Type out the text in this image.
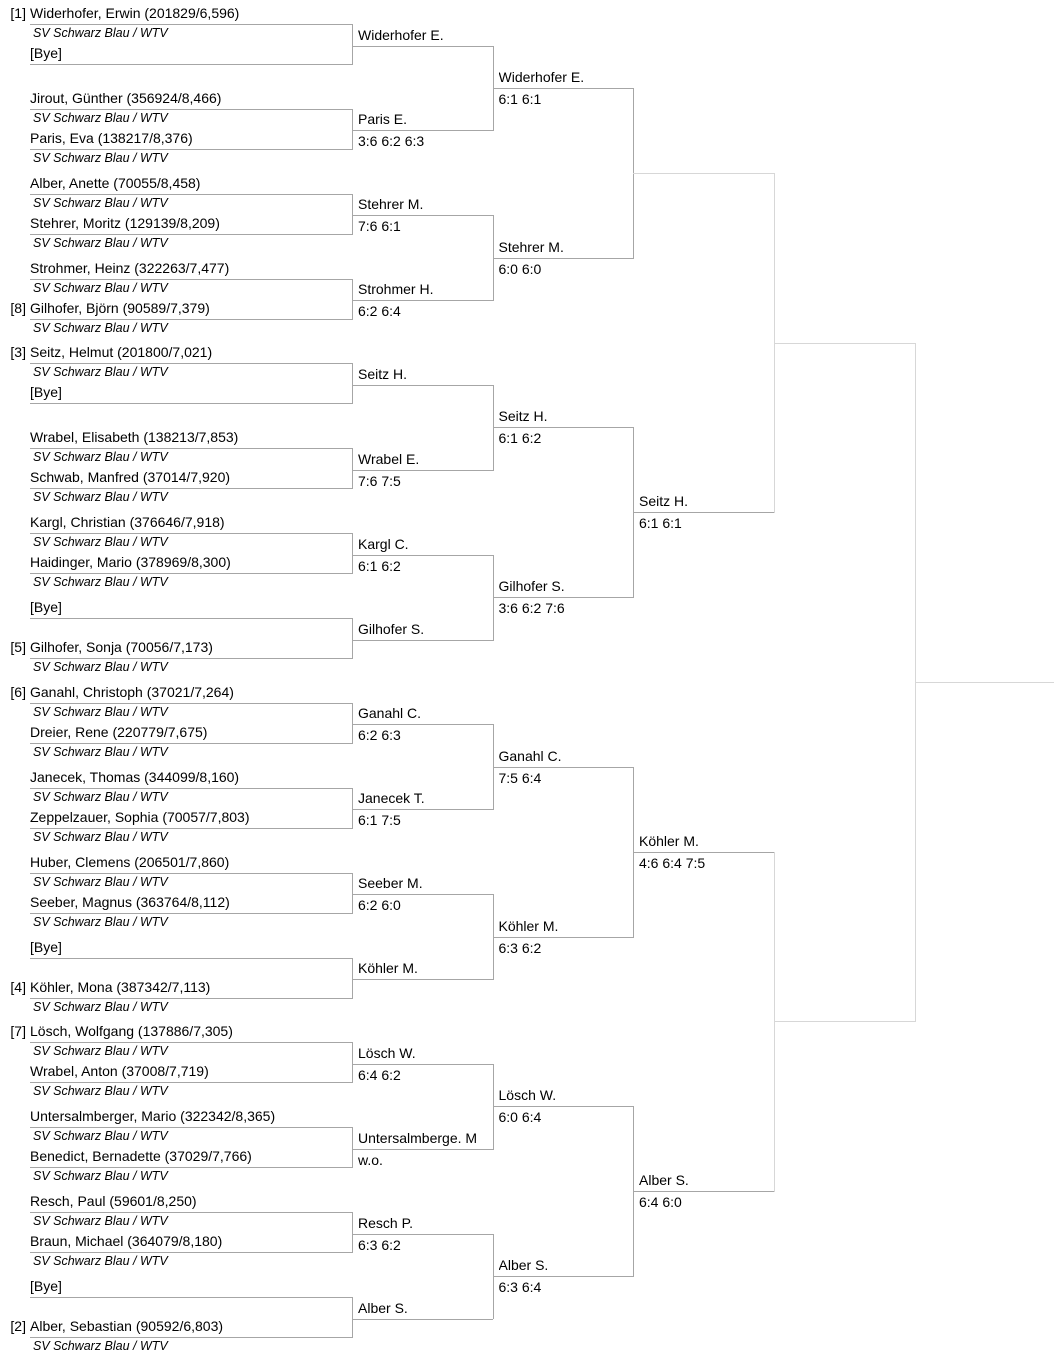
[1] Widerhofer, Erwin (201829/6,596)
SV Schwarz Blau / WTV
[Bye]
Jirout, Günther (356924/8,466)
SV Schwarz Blau / WTV
Paris, Eva (138217/8,376)
SV Schwarz Blau / WTV
Alber, Anette (70055/8,458)
SV Schwarz Blau / WTV
Stehrer, Moritz (129139/8,209)
SV Schwarz Blau / WTV
Strohmer, Heinz (322263/7,477)
SV Schwarz Blau / WTV
[8] Gilhofer, Björn (90589/7,379)
SV Schwarz Blau / WTV
[3] Seitz, Helmut (201800/7,021)
SV Schwarz Blau / WTV
[Bye]
Wrabel, Elisabeth (138213/7,853)
SV Schwarz Blau / WTV
Schwab, Manfred (37014/7,920)
SV Schwarz Blau / WTV
Kargl, Christian (376646/7,918)
SV Schwarz Blau / WTV
Haidinger, Mario (378969/8,300)
SV Schwarz Blau / WTV
[Bye]
[5] Gilhofer, Sonja (70056/7,173)
SV Schwarz Blau / WTV
[6] Ganahl, Christoph (37021/7,264)
SV Schwarz Blau / WTV
Dreier, Rene (220779/7,675)
SV Schwarz Blau / WTV
Janecek, Thomas (344099/8,160)
SV Schwarz Blau / WTV
Zeppelzauer, Sophia (70057/7,803)
SV Schwarz Blau / WTV
Huber, Clemens (206501/7,860)
SV Schwarz Blau / WTV
Seeber, Magnus (363764/8,112)
SV Schwarz Blau / WTV
[Bye]
[4] Köhler, Mona (387342/7,113)
SV Schwarz Blau / WTV
[7] Lösch, Wolfgang (137886/7,305)
SV Schwarz Blau / WTV
Wrabel, Anton (37008/7,719)
SV Schwarz Blau / WTV
Untersalmberger, Mario (322342/8,365)
SV Schwarz Blau / WTV
Benedict, Bernadette (37029/7,766)
SV Schwarz Blau / WTV
Resch, Paul (59601/8,250)
SV Schwarz Blau / WTV
Braun, Michael (364079/8,180)
SV Schwarz Blau / WTV
[Bye]
[2] Alber, Sebastian (90592/6,803)
SV Schwarz Blau / WTV
Widerhofer E.
Paris E.
3:6 6:2 6:3
Stehrer M.
7:6 6:1
Strohmer H.
6:2 6:4
Seitz H.
Wrabel E.
7:6 7:5
Kargl C.
6:1 6:2
Gilhofer S.
Ganahl C.
6:2 6:3
Janecek T.
6:1 7:5
Seeber M.
6:2 6:0
Köhler M.
Lösch W.
6:4 6:2
Untersalmberge. M
w.o.
Resch P.
6:3 6:2
Alber S.
Widerhofer E.
6:1 6:1
Stehrer M.
6:0 6:0
Seitz H.
6:1 6:2
Gilhofer S.
3:6 6:2 7:6
Ganahl C.
7:5 6:4
Köhler M.
6:3 6:2
Lösch W.
6:0 6:4
Alber S.
6:3 6:4
Seitz H.
6:1 6:1
Köhler M.
4:6 6:4 7:5
Alber S.
6:4 6:0
